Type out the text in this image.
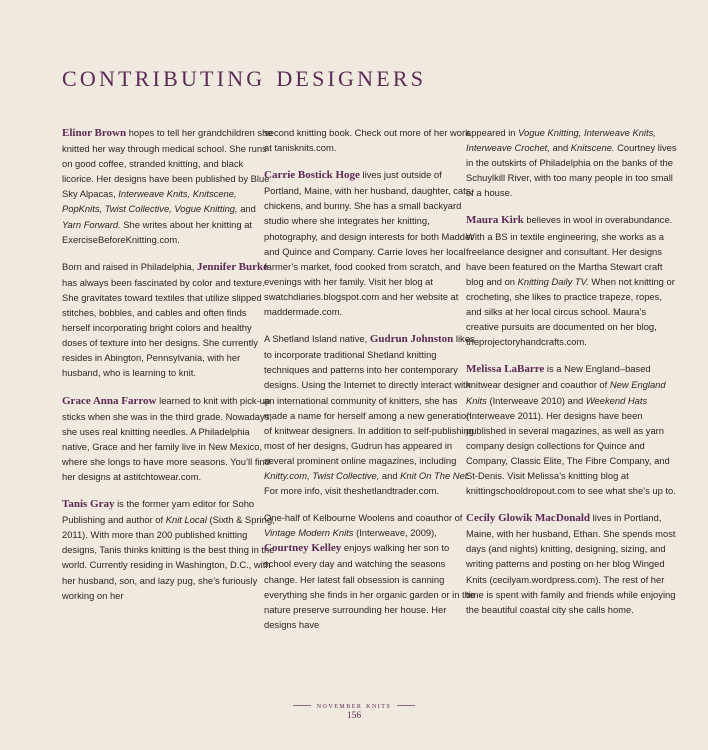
contributing designers

Elinor Brown hopes to tell her grandchildren she knitted her way through medical school. She runs on good coffee, stranded knitting, and black licorice. Her designs have been published by Blue Sky Alpacas, Interweave Knits, Knitscene, PopKnits, Twist Collective, Vogue Knitting, and Yarn Forward. She writes about her knitting at ExerciseBeforeKnitting.com.

Born and raised in Philadelphia, Jennifer Burke has always been fascinated by color and texture. She gravitates toward textiles that utilize slipped stitches, bobbles, and cables and often finds herself incorporating bright colors and healthy doses of texture into her designs. She currently resides in Abington, Pennsylvania, with her husband, who is learning to knit.

Grace Anna Farrow learned to knit with pick-up sticks when she was in the third grade. Nowadays, she uses real knitting needles. A Philadelphia native, Grace and her family live in New Mexico, where she longs to have more seasons. You’ll find her designs at astitchtowear.com.

Tanis Gray is the former yarn editor for Soho Publishing and author of Knit Local (Sixth & Spring, 2011). With more than 200 published knitting designs, Tanis thinks knitting is the best thing in the world. Currently residing in Washington, D.C., with her husband, son, and lazy pug, she’s furiously working on her

second knitting book. Check out more of her work at tanisknits.com.

Carrie Bostick Hoge lives just outside of Portland, Maine, with her husband, daughter, cats, chickens, and bunny. She has a small backyard studio where she integrates her knitting, photography, and design interests for both Madder and Quince and Company. Carrie loves her local farmer’s market, food cooked from scratch, and evenings with her family. Visit her blog at swatchdiaries.blogspot.com and her website at maddermade.com.

A Shetland Island native, Gudrun Johnston likes to incorporate traditional Shetland knitting techniques and patterns into her contemporary designs. Using the Internet to directly interact with an international community of knitters, she has made a name for herself among a new generation of knitwear designers. In addition to self-publishing most of her designs, Gudrun has appeared in several prominent online magazines, including Knitty.com, Twist Collective, and Knit On The Net. For more info, visit theshetlandtrader.com.

One-half of Kelbourne Woolens and coauthor of Vintage Modern Knits (Interweave, 2009), Courtney Kelley enjoys walking her son to school every day and watching the seasons change. Her latest fall obsession is canning everything she finds in her organic garden or in the nature preserve surrounding her house. Her designs have

appeared in Vogue Knitting, Interweave Knits, Interweave Crochet, and Knitscene. Courtney lives in the outskirts of Philadelphia on the banks of the Schuylkill River, with too many people in too small of a house.

Maura Kirk believes in wool in overabundance. With a BS in textile engineering, she works as a freelance designer and consultant. Her designs have been featured on the Martha Stewart craft blog and on Knitting Daily TV. When not knitting or crocheting, she likes to practice trapeze, ropes, and silks at her local circus school. Maura’s creative pursuits are documented on her blog, theprojectoryhandcrafts.com.

Melissa LaBarre is a New England–based knitwear designer and coauthor of New England Knits (Interweave 2010) and Weekend Hats (Interweave 2011). Her designs have been published in several magazines, as well as yarn company design collections for Quince and Company, Classic Elite, The Fibre Company, and St-Denis. Visit Melissa’s knitting blog at knittingschooldropout.com to see what she’s up to.

Cecily Glowik MacDonald lives in Portland, Maine, with her husband, Ethan. She spends most days (and nights) knitting, designing, sizing, and writing patterns and posting on her blog Winged Knits (cecilyam.wordpress.com). The rest of her time is spent with family and friends while enjoying the beautiful coastal city she calls home.

november knits
156
